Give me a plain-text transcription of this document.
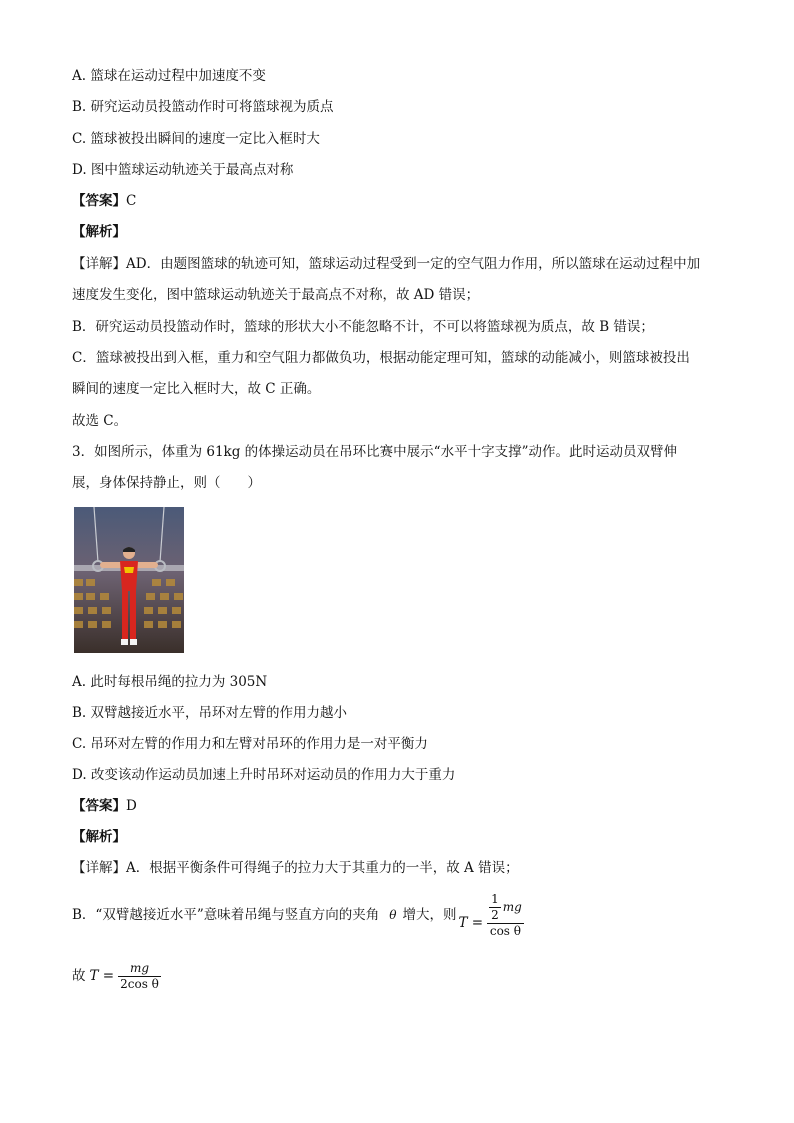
A. 篮球在运动过程中加速度不变
B. 研究运动员投篮动作时可将篮球视为质点
C. 篮球被投出瞬间的速度一定比入框时大
D. 图中篮球运动轨迹关于最高点对称
【答案】C
【解析】
【详解】AD．由题图篮球的轨迹可知，篮球运动过程受到一定的空气阻力作用，所以篮球在运动过程中加
速度发生变化，图中篮球运动轨迹关于最高点不对称，故 AD 错误；
B．研究运动员投篮动作时，篮球的形状大小不能忽略不计，不可以将篮球视为质点，故 B 错误；
C．篮球被投出到入框，重力和空气阻力都做负功，根据动能定理可知，篮球的动能减小，则篮球被投出
瞬间的速度一定比入框时大，故 C 正确。
故选 C。
3．如图所示，体重为 61kg 的体操运动员在吊环比赛中展示“水平十字支撑”动作。此时运动员双臂伸
展，身体保持静止，则（　　）
A. 此时每根吊绳的拉力为 305N
B. 双臂越接近水平，吊环对左臂的作用力越小
C. 吊环对左臂的作用力和左臂对吊环的作用力是一对平衡力
D. 改变该动作运动员加速上升时吊环对运动员的作用力大于重力
【答案】D
【解析】
【详解】A．根据平衡条件可得绳子的拉力大于其重力的一半，故 A 错误；
B．“双臂越接近水平”意味着吊绳与竖直方向的夹角 θ 增大，则 $T = \frac{\frac{1}{2} mg}{\text{cos θ}}$
故 $T = \frac{mg}{\text{2cos θ}}$
